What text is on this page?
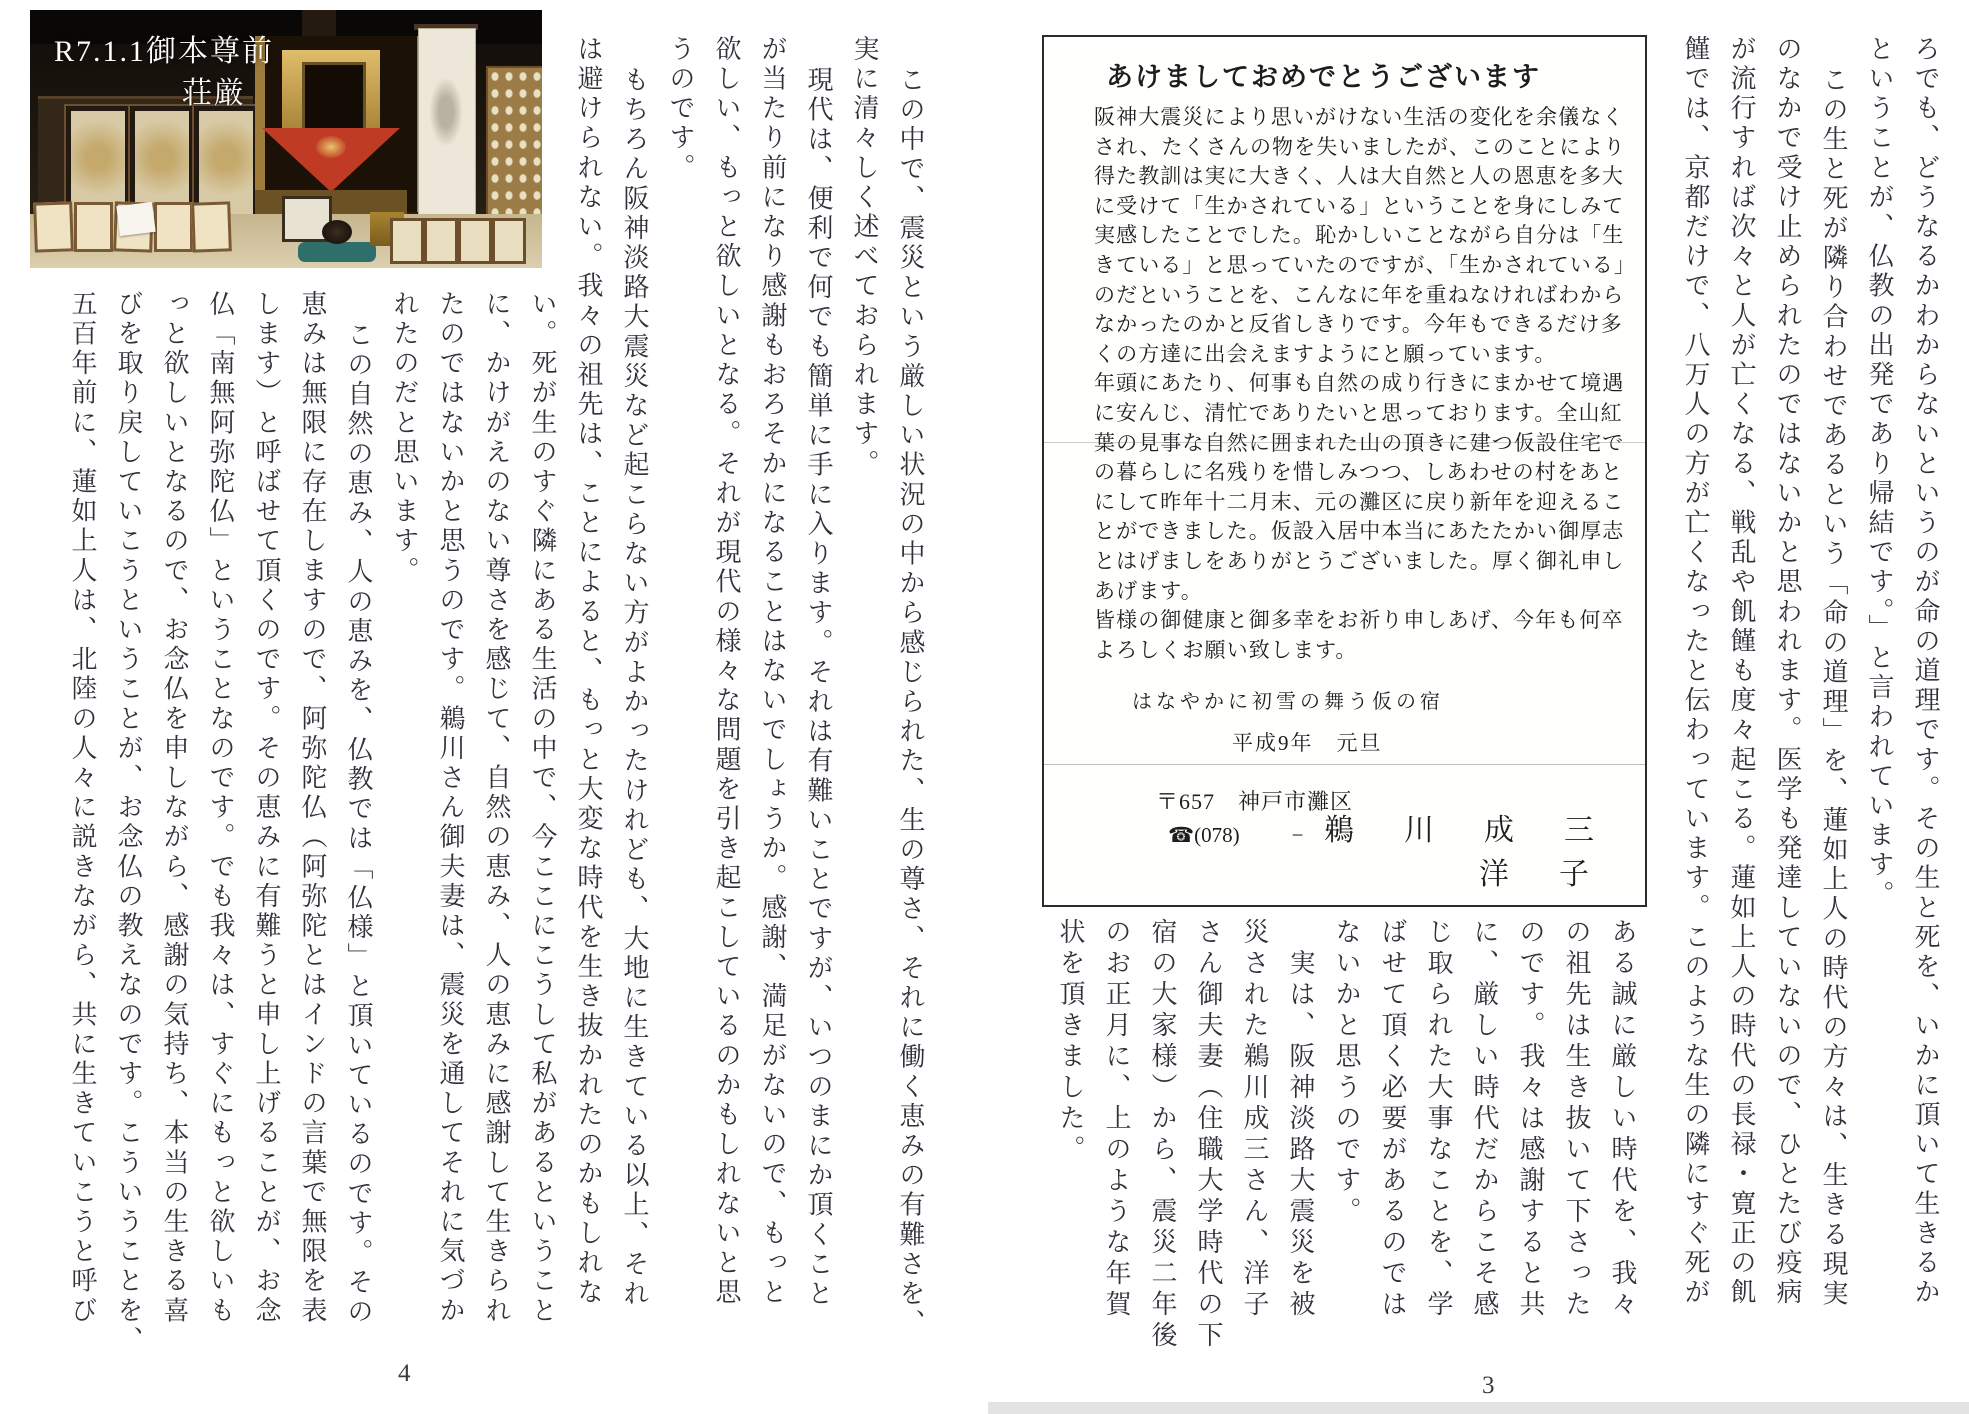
ろでも、どうなるかわからないというのが命の道理です。その生と死を、いかに頂いて生きるか
ということが、仏教の出発であり帰結です。」と言われています。
この生と死が隣り合わせであるという「命の道理」を、蓮如上人の時代の方々は、生きる現実
のなかで受け止められたのではないかと思われます。医学も発達していないので、ひとたび疫病
が流行すれば次々と人が亡くなる、戦乱や飢饉も度々起こる。蓮如上人の時代の長禄・寛正の飢
饉では、京都だけで、八万人の方が亡くなったと伝わっています。このような生の隣にすぐ死が
あけましておめでとうございます
阪神大震災により思いがけない生活の変化を余儀なく
され、たくさんの物を失いましたが、このことにより
得た教訓は実に大きく、人は大自然と人の恩恵を多大
に受けて「生かされている」ということを身にしみて
実感したことでした。恥かしいことながら自分は「生
きている」と思っていたのですが、「生かされている」
のだということを、こんなに年を重ねなければわから
なかったのかと反省しきりです。今年もできるだけ多
くの方達に出会えますようにと願っています。
年頭にあたり、何事も自然の成り行きにまかせて境遇
に安んじ、清忙でありたいと思っております。全山紅
葉の見事な自然に囲まれた山の頂きに建つ仮設住宅で
の暮らしに名残りを惜しみつつ、しあわせの村をあと
にして昨年十二月末、元の灘区に戻り新年を迎えるこ
とができました。仮設入居中本当にあたたかい御厚志
とはげましをありがとうございました。厚く御礼申し
あげます。
皆様の御健康と御多幸をお祈り申しあげ、今年も何卒
よろしくお願い致します。
はなやかに初雪の舞う仮の宿
平成9年　元旦
〒657　神戸市灘区
☎(078) − 鵜 川 成 三
洋 子
ある誠に厳しい時代を、我々
の祖先は生き抜いて下さった
のです。我々は感謝すると共
に、厳しい時代だからこそ感
じ取られた大事なことを、学
ばせて頂く必要があるのでは
ないかと思うのです。
実は、阪神淡路大震災を被
災された鵜川成三さん、洋子
さん御夫妻（住職大学時代の下
宿の大家様）から、震災二年後
のお正月に、上のような年賀
状を頂きました。
3
R7.1.1御本尊前
荘厳	この中で、震災という厳しい状況の中から感じられた、生の尊さ、それに働く恵みの有難さを、
実に清々しく述べておられます。
現代は、便利で何でも簡単に手に入ります。それは有難いことですが、いつのまにか頂くこと
が当たり前になり感謝もおろそかになることはないでしょうか。感謝、満足がないので、もっと
欲しい、もっと欲しいとなる。それが現代の様々な問題を引き起こしているのかもしれないと思
うのです。
もちろん阪神淡路大震災など起こらない方がよかったけれども、大地に生きている以上、それ
は避けられない。我々の祖先は、ことによると、もっと大変な時代を生き抜かれたのかもしれな
い。死が生のすぐ隣にある生活の中で、今ここにこうして私があるということ
に、かけがえのない尊さを感じて、自然の恵み、人の恵みに感謝して生きられ
たのではないかと思うのです。鵜川さん御夫妻は、震災を通してそれに気づか
れたのだと思います。
この自然の恵み、人の恵みを、仏教では「仏様」と頂いているのです。その
恵みは無限に存在しますので、阿弥陀仏（阿弥陀とはインドの言葉で無限を表
します）と呼ばせて頂くのです。その恵みに有難うと申し上げることが、お念
仏「南無阿弥陀仏」ということなのです。でも我々は、すぐにもっと欲しいも
っと欲しいとなるので、お念仏を申しながら、感謝の気持ち、本当の生きる喜
びを取り戻していこうということが、お念仏の教えなのです。こういうことを、
五百年前に、蓮如上人は、北陸の人々に説きながら、共に生きていこうと呼び
4
